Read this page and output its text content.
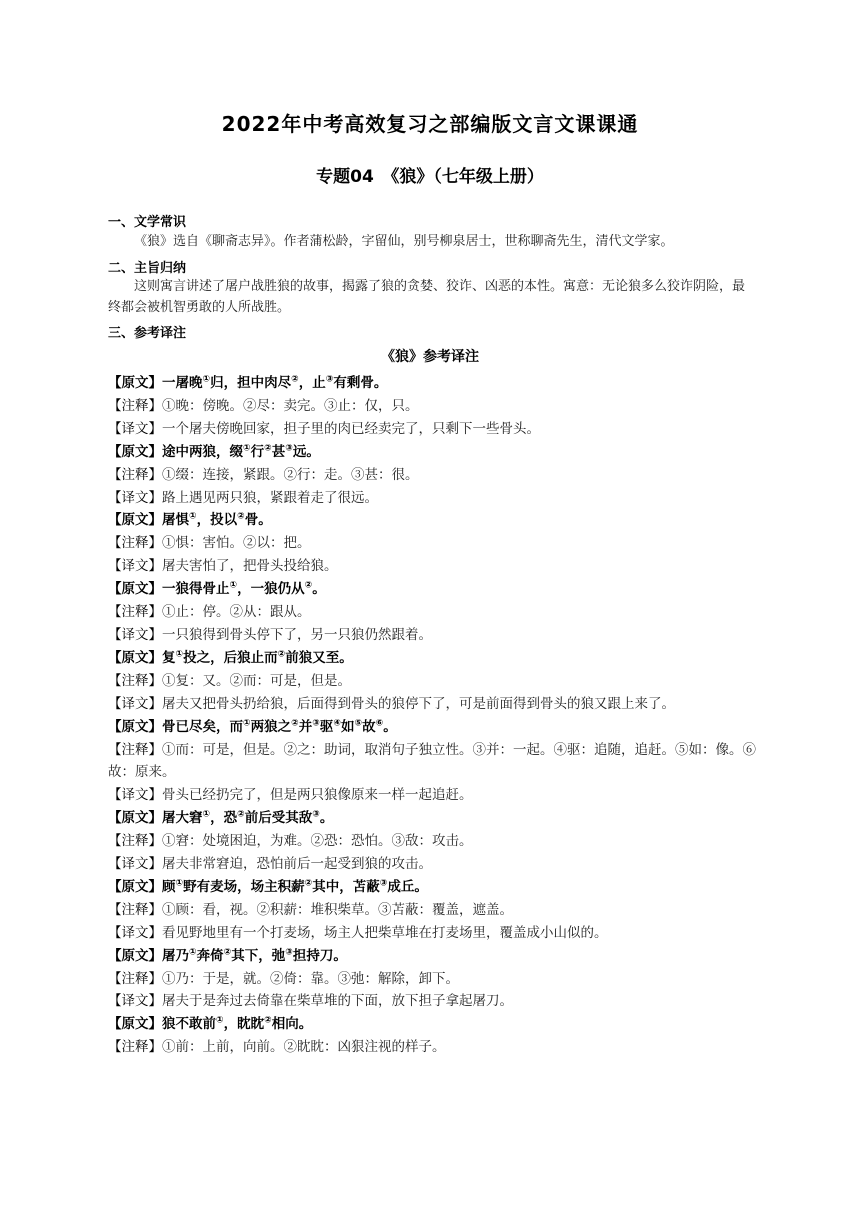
2022年中考高效复习之部编版文言文课课通
专题04　《狼》（七年级上册）
一、文学常识
《狼》选自《聊斋志异》。作者蒲松龄，字留仙，别号柳泉居士，世称聊斋先生，清代文学家。
二、主旨归纳
这则寓言讲述了屠户战胜狼的故事，揭露了狼的贪婪、狡诈、凶恶的本性。寓意：无论狼多么狡诈阴险，最终都会被机智勇敢的人所战胜。
三、参考译注
《狼》参考译注
【原文】一屠晚①归，担中肉尽②，止③有剩骨。
【注释】①晚：傍晚。②尽：卖完。③止：仅，只。
【译文】一个屠夫傍晚回家，担子里的肉已经卖完了，只剩下一些骨头。
【原文】途中两狼，缀①行②甚③远。
【注释】①缀：连接，紧跟。②行：走。③甚：很。
【译文】路上遇见两只狼，紧跟着走了很远。
【原文】屠惧①，投以②骨。
【注释】①惧：害怕。②以：把。
【译文】屠夫害怕了，把骨头投给狼。
【原文】一狼得骨止①，一狼仍从②。
【注释】①止：停。②从：跟从。
【译文】一只狼得到骨头停下了，另一只狼仍然跟着。
【原文】复①投之，后狼止而②前狼又至。
【注释】①复：又。②而：可是，但是。
【译文】屠夫又把骨头扔给狼，后面得到骨头的狼停下了，可是前面得到骨头的狼又跟上来了。
【原文】骨已尽矣，而①两狼之②并③驱④如⑤故⑥。
【注释】①而：可是，但是。②之：助词，取消句子独立性。③并：一起。④驱：追随，追赶。⑤如：像。⑥故：原来。
【译文】骨头已经扔完了，但是两只狼像原来一样一起追赶。
【原文】屠大窘①，恐②前后受其敌③。
【注释】①窘：处境困迫，为难。②恐：恐怕。③敌：攻击。
【译文】屠夫非常窘迫，恐怕前后一起受到狼的攻击。
【原文】顾①野有麦场，场主积薪②其中，苫蔽③成丘。
【注释】①顾：看，视。②积薪：堆积柴草。③苫蔽：覆盖，遮盖。
【译文】看见野地里有一个打麦场，场主人把柴草堆在打麦场里，覆盖成小山似的。
【原文】屠乃①奔倚②其下，弛③担持刀。
【注释】①乃：于是，就。②倚：靠。③弛：解除，卸下。
【译文】屠夫于是奔过去倚靠在柴草堆的下面，放下担子拿起屠刀。
【原文】狼不敢前①，眈眈②相向。
【注释】①前：上前，向前。②眈眈：凶狠注视的样子。
